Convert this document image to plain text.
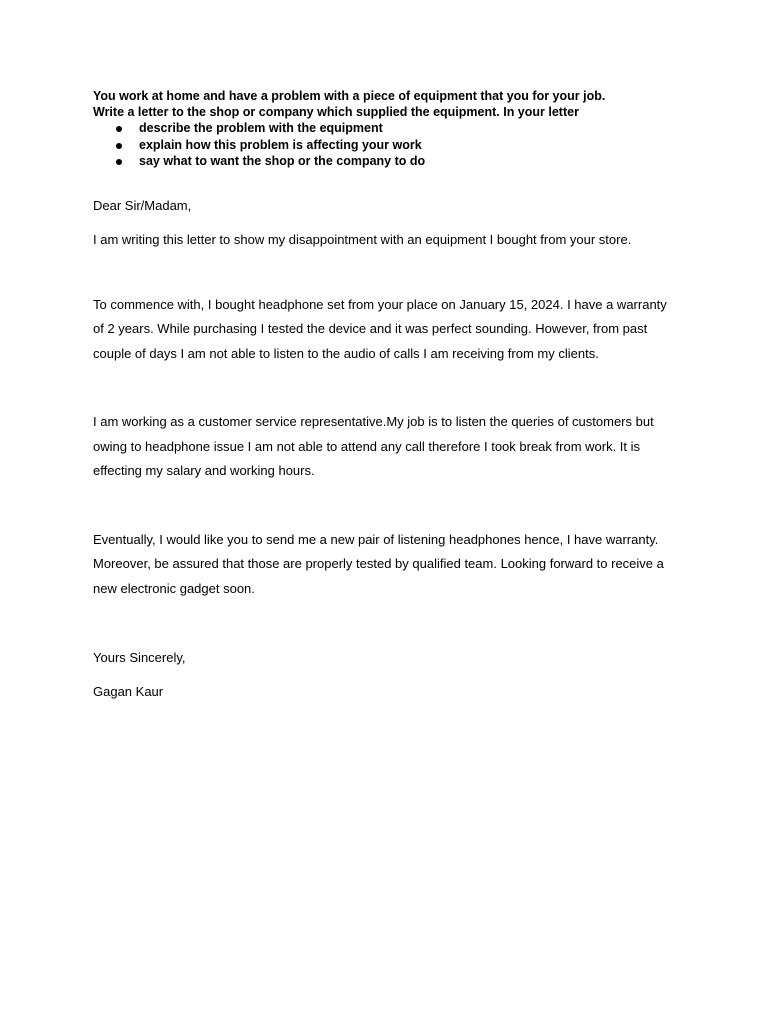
You work at home and have a problem with a piece of equipment that you for your job.

Write a letter to the shop or company which supplied the equipment. In your letter

describe the problem with the equipment
explain how this problem is affecting your work
say what to want the shop or the company to do

Dear Sir/Madam,

I am writing this letter to show my disappointment with an equipment I bought from your store.

To commence with, I bought headphone set from your place on January 15, 2024. I have a warranty of 2 years. While purchasing I tested the device and it was perfect sounding. However, from past couple of days I am not able to listen to the audio of calls I am receiving from my clients.

I am working as a customer service representative.My job is to listen the queries of customers but owing to headphone issue I am not able to attend any call therefore I took break from work. It is effecting my salary and working hours.

Eventually, I would like you to send me a new pair of listening headphones hence, I have warranty. Moreover, be assured that those are properly tested by qualified team. Looking forward to receive a new electronic gadget soon.

Yours Sincerely,

Gagan Kaur
